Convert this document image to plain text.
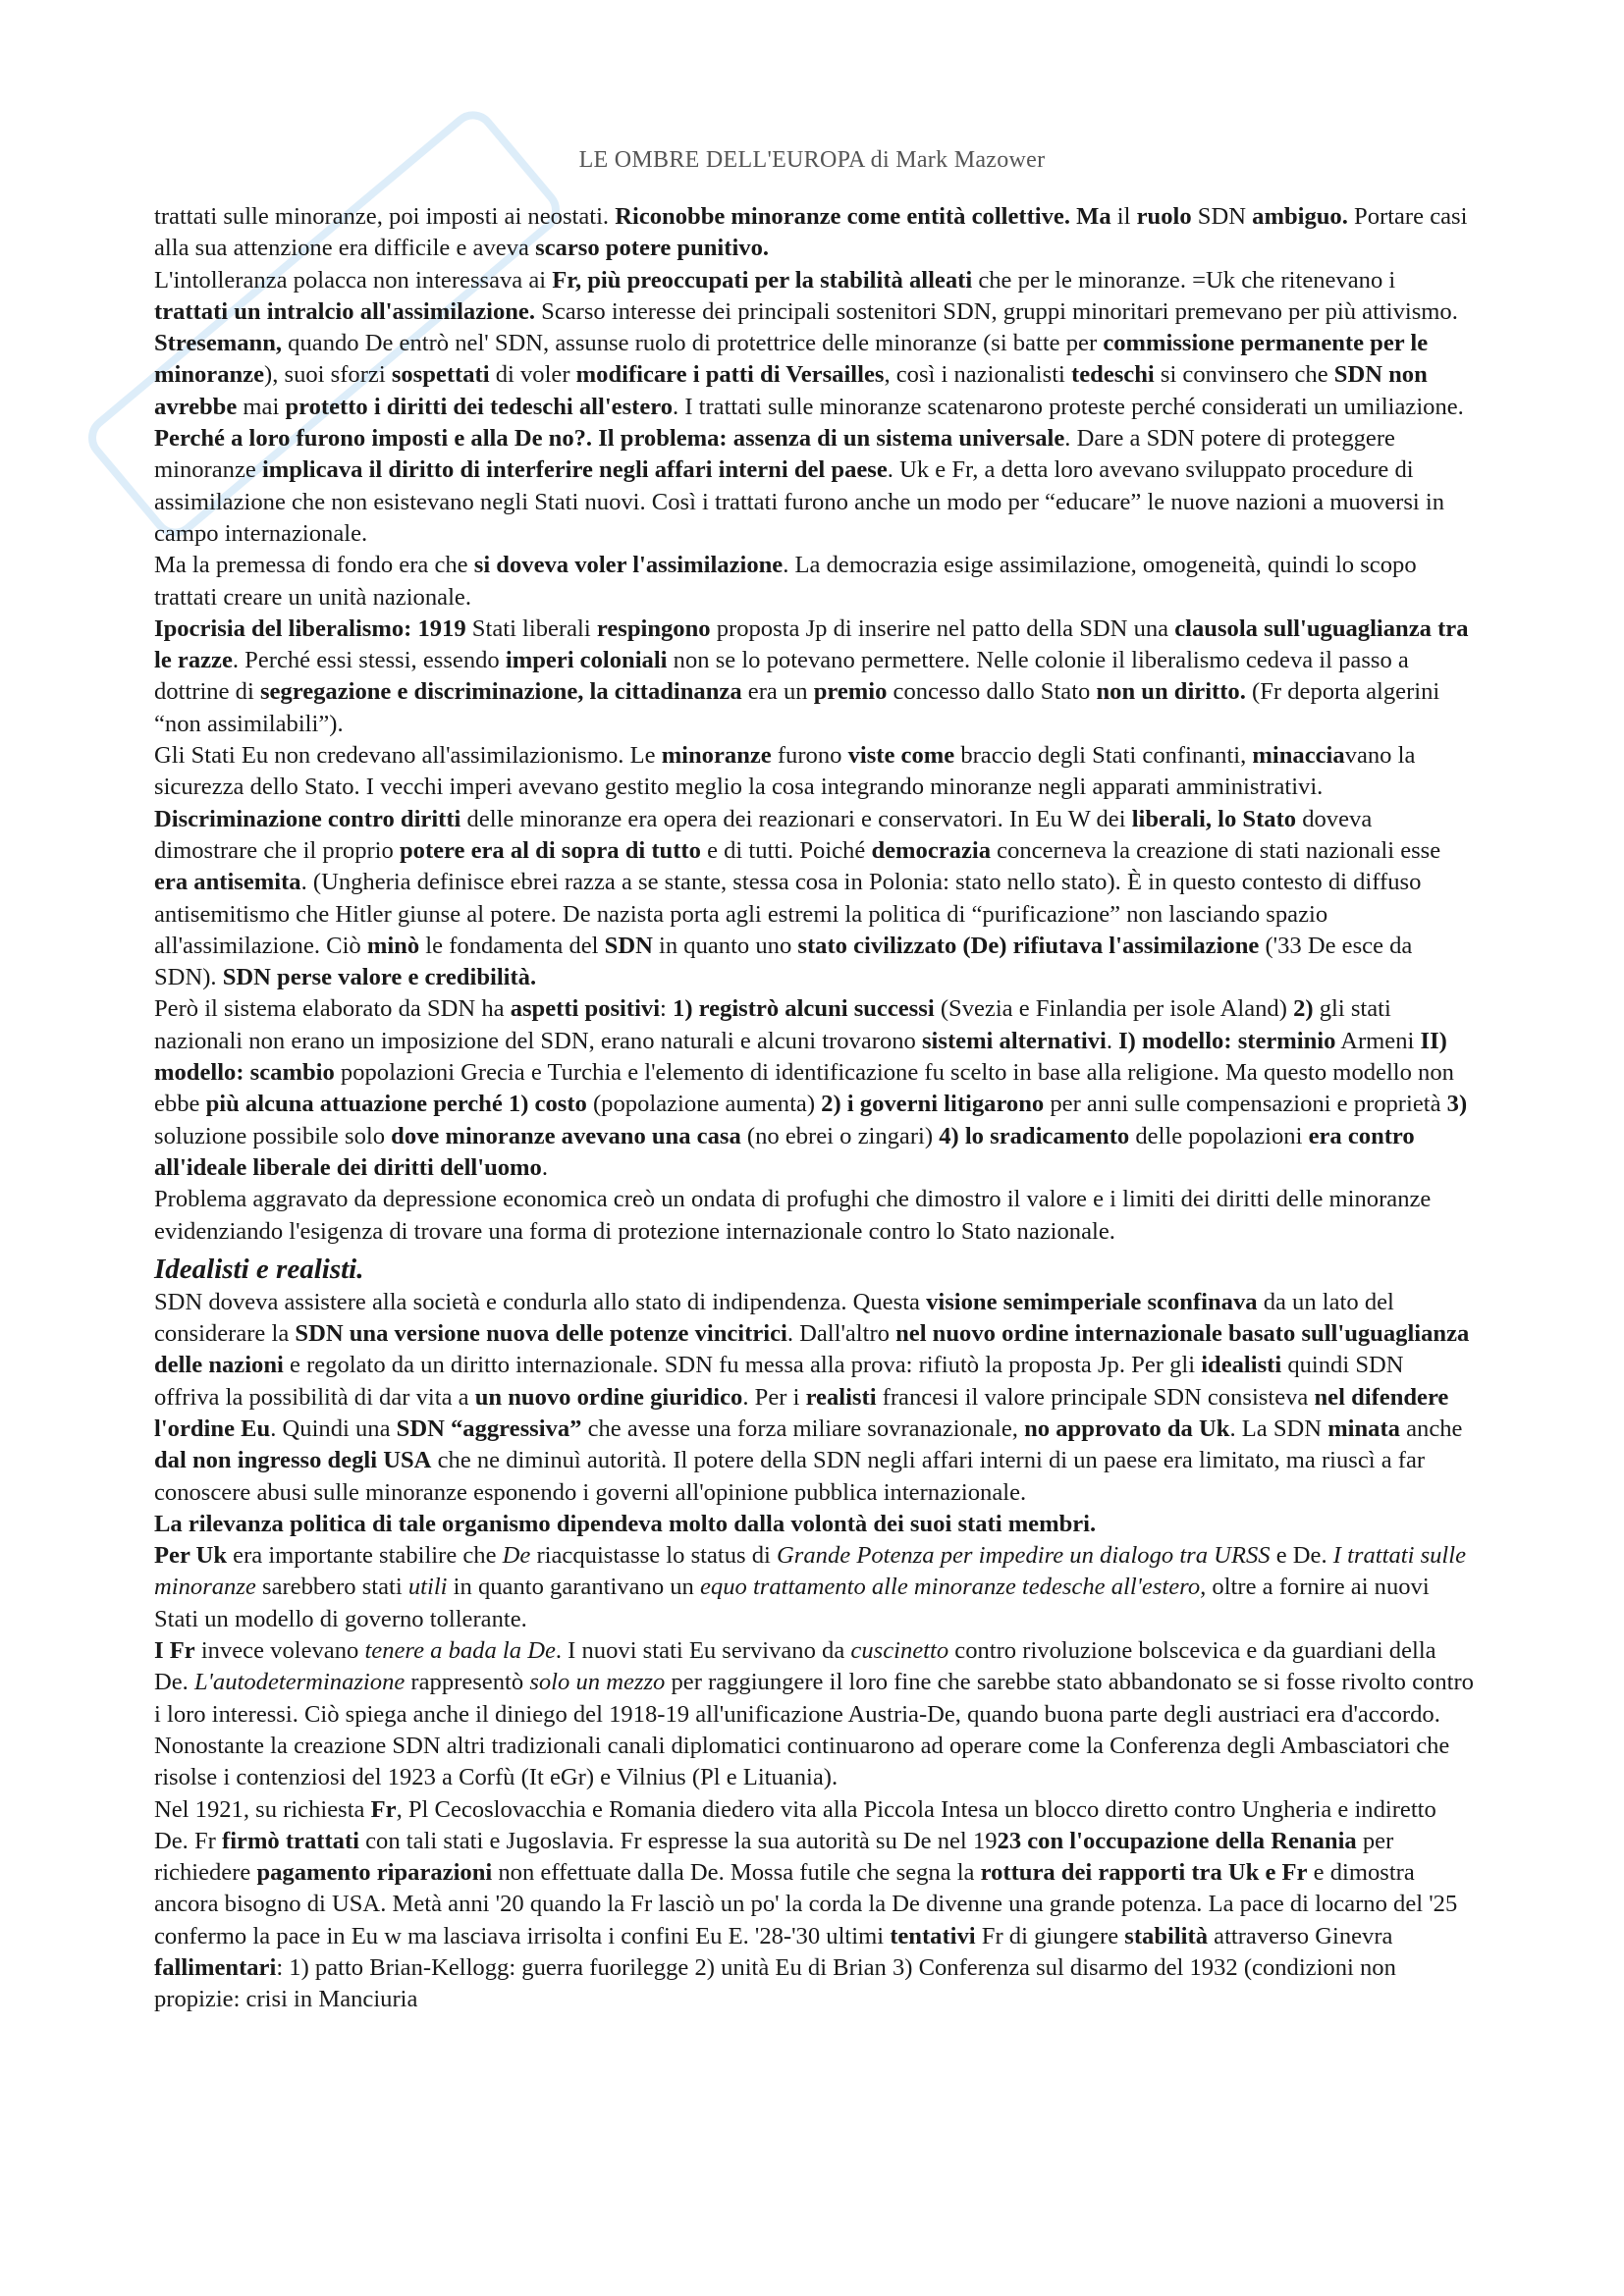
LE OMBRE DELL'EUROPA di Mark Mazower

trattati sulle minoranze, poi imposti ai neostati. Riconobbe minoranze come entità collettive. Ma il ruolo SDN ambiguo. Portare casi alla sua attenzione era difficile e aveva scarso potere punitivo.

L'intolleranza polacca non interessava ai Fr, più preoccupati per la stabilità alleati che per le minoranze. =Uk che ritenevano i trattati un intralcio all'assimilazione. Scarso interesse dei principali sostenitori SDN, gruppi minoritari premevano per più attivismo. Stresemann, quando De entrò nel' SDN, assunse ruolo di protettrice delle minoranze (si batte per commissione permanente per le minoranze), suoi sforzi sospettati di voler modificare i patti di Versailles, così i nazionalisti tedeschi si convinsero che SDN non avrebbe mai protetto i diritti dei tedeschi all'estero. I trattati sulle minoranze scatenarono proteste perché considerati un umiliazione. Perché a loro furono imposti e alla De no?. Il problema: assenza di un sistema universale. Dare a SDN potere di proteggere minoranze implicava il diritto di interferire negli affari interni del paese. Uk e Fr, a detta loro avevano sviluppato procedure di assimilazione che non esistevano negli Stati nuovi. Così i trattati furono anche un modo per “educare” le nuove nazioni a muoversi in campo internazionale.

Ma la premessa di fondo era che si doveva voler l'assimilazione. La democrazia esige assimilazione, omogeneità, quindi lo scopo trattati creare un unità nazionale.

Ipocrisia del liberalismo: 1919 Stati liberali respingono proposta Jp di inserire nel patto della SDN una clausola sull'uguaglianza tra le razze. Perché essi stessi, essendo imperi coloniali non se lo potevano permettere. Nelle colonie il liberalismo cedeva il passo a dottrine di segregazione e discriminazione, la cittadinanza era un premio concesso dallo Stato non un diritto. (Fr deporta algerini “non assimilabili”).

Gli Stati Eu non credevano all'assimilazionismo. Le minoranze furono viste come braccio degli Stati confinanti, minacciavano la sicurezza dello Stato. I vecchi imperi avevano gestito meglio la cosa integrando minoranze negli apparati amministrativi.

Discriminazione contro diritti delle minoranze era opera dei reazionari e conservatori. In Eu W dei liberali, lo Stato doveva dimostrare che il proprio potere era al di sopra di tutto e di tutti. Poiché democrazia concerneva la creazione di stati nazionali esse era antisemita. (Ungheria definisce ebrei razza a se stante, stessa cosa in Polonia: stato nello stato). È in questo contesto di diffuso antisemitismo che Hitler giunse al potere. De nazista porta agli estremi la politica di “purificazione” non lasciando spazio all'assimilazione. Ciò minò le fondamenta del SDN in quanto uno stato civilizzato (De) rifiutava l'assimilazione ('33 De esce da SDN). SDN perse valore e credibilità.

Però il sistema elaborato da SDN ha aspetti positivi: 1) registrò alcuni successi (Svezia e Finlandia per isole Aland) 2) gli stati nazionali non erano un imposizione del SDN, erano naturali e alcuni trovarono sistemi alternativi. I) modello: sterminio Armeni II) modello: scambio popolazioni Grecia e Turchia e l'elemento di identificazione fu scelto in base alla religione. Ma questo modello non ebbe più alcuna attuazione perché 1) costo (popolazione aumenta) 2) i governi litigarono per anni sulle compensazioni e proprietà 3) soluzione possibile solo dove minoranze avevano una casa (no ebrei o zingari) 4) lo sradicamento delle popolazioni era contro all'ideale liberale dei diritti dell'uomo.

Problema aggravato da depressione economica creò un ondata di profughi che dimostro il valore e i limiti dei diritti delle minoranze evidenziando l'esigenza di trovare una forma di protezione internazionale contro lo Stato nazionale.

Idealisti e realisti.

SDN doveva assistere alla società e condurla allo stato di indipendenza. Questa visione semimperiale sconfinava da un lato del considerare la SDN una versione nuova delle potenze vincitrici. Dall'altro nel nuovo ordine internazionale basato sull'uguaglianza delle nazioni e regolato da un diritto internazionale. SDN fu messa alla prova: rifiutò la proposta Jp. Per gli idealisti quindi SDN offriva la possibilità di dar vita a un nuovo ordine giuridico. Per i realisti francesi il valore principale SDN consisteva nel difendere l'ordine Eu. Quindi una SDN “aggressiva” che avesse una forza miliare sovranazionale, no approvato da Uk. La SDN minata anche dal non ingresso degli USA che ne diminuì autorità. Il potere della SDN negli affari interni di un paese era limitato, ma riuscì a far conoscere abusi sulle minoranze esponendo i governi all'opinione pubblica internazionale.

La rilevanza politica di tale organismo dipendeva molto dalla volontà dei suoi stati membri.

Per Uk era importante stabilire che De riacquistasse lo status di Grande Potenza per impedire un dialogo tra URSS e De. I trattati sulle minoranze sarebbero stati utili in quanto garantivano un equo trattamento alle minoranze tedesche all'estero, oltre a fornire ai nuovi Stati un modello di governo tollerante.

I Fr invece volevano tenere a bada la De. I nuovi stati Eu servivano da cuscinetto contro rivoluzione bolscevica e da guardiani della De. L'autodeterminazione rappresentò solo un mezzo per raggiungere il loro fine che sarebbe stato abbandonato se si fosse rivolto contro i loro interessi. Ciò spiega anche il diniego del 1918-19 all'unificazione Austria-De, quando buona parte degli austriaci era d'accordo.

Nonostante la creazione SDN altri tradizionali canali diplomatici continuarono ad operare come la Conferenza degli Ambasciatori che risolse i contenziosi del 1923 a Corfù (It eGr) e Vilnius (Pl e Lituania).

Nel 1921, su richiesta Fr, Pl Cecoslovacchia e Romania diedero vita alla Piccola Intesa un blocco diretto contro Ungheria e indiretto De. Fr firmò trattati con tali stati e Jugoslavia. Fr espresse la sua autorità su De nel 1923 con l'occupazione della Renania per richiedere pagamento riparazioni non effettuate dalla De. Mossa futile che segna la rottura dei rapporti tra Uk e Fr e dimostra ancora bisogno di USA. Metà anni '20 quando la Fr lasciò un po' la corda la De divenne una grande potenza. La pace di locarno del '25 confermo la pace in Eu w ma lasciava irrisolta i confini Eu E. '28-'30 ultimi tentativi Fr di giungere stabilità attraverso Ginevra fallimentari: 1) patto Brian-Kellogg: guerra fuorilegge 2) unità Eu di Brian 3) Conferenza sul disarmo del 1932 (condizioni non propizie: crisi in Manciuria
